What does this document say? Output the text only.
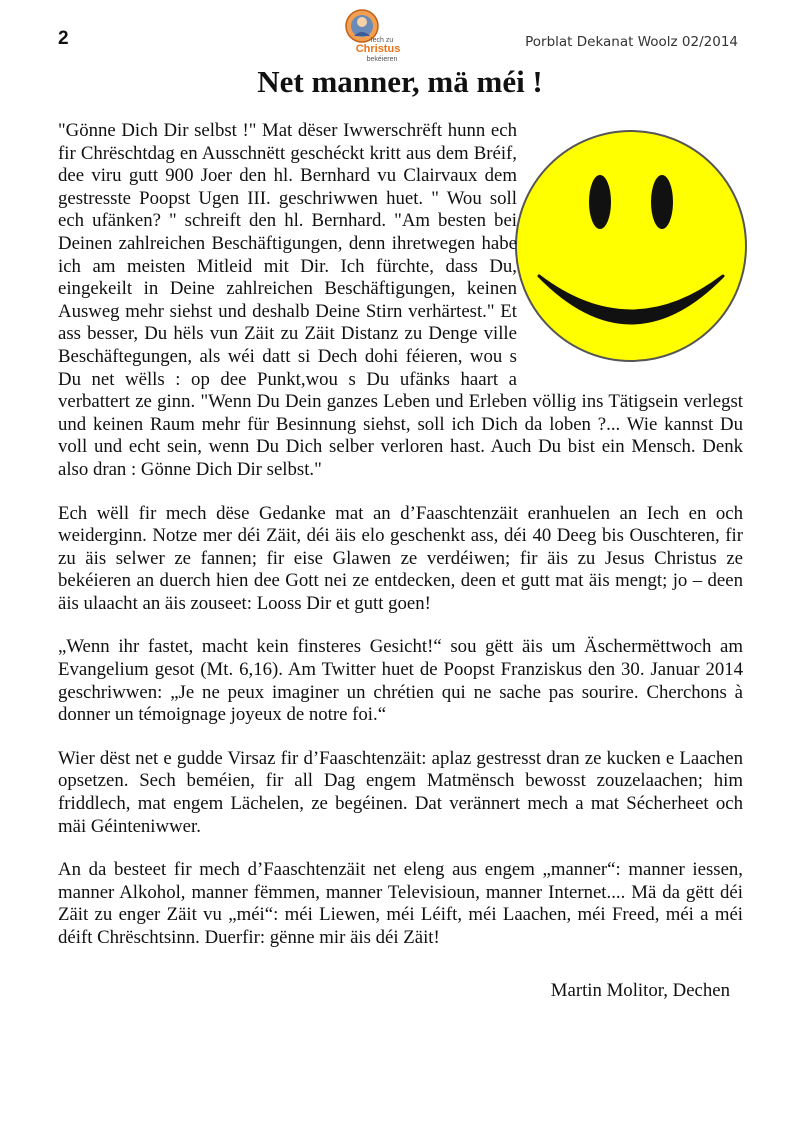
2	Iech zu
Christus
bekéieren
Porblat Dekanat Woolz 02/2014
Net manner, mä méi !

"Gönne Dich Dir selbst !" Mat dëser Iwwerschrëft hunn ech fir Chrëschtdag en Ausschnëtt geschéckt kritt aus dem Bréif, dee viru gutt 900 Joer den hl. Bernhard vu Clairvaux dem gestresste Poopst Ugen III. geschriwwen huet. " Wou soll ech ufänken? " schreift den hl. Bernhard. "Am besten bei Deinen zahlreichen Beschäftigungen, denn ihretwegen habe ich am meisten Mitleid mit Dir. Ich fürchte, dass Du, eingekeilt in Deine zahlreichen Beschäftigungen, keinen Ausweg mehr siehst und deshalb Deine Stirn verhärtest." Et ass besser, Du hëls vun Zäit zu Zäit Distanz zu Denge ville Beschäftegungen, als wéi datt si Dech dohi féieren, wou s Du net wëlls : op dee Punkt,wou s Du ufänks haart a verbattert ze ginn. "Wenn Du Dein ganzes Leben und Erleben völlig ins Tätigsein verlegst und keinen Raum mehr für Besinnung siehst, soll ich Dich da loben ?... Wie kannst Du voll und echt sein, wenn Du Dich selber verloren hast. Auch Du bist ein Mensch. Denk also dran : Gönne Dich Dir selbst."

Ech wëll fir mech dëse Gedanke mat an d’Faaschtenzäit eranhuelen an Iech en och weiderginn. Notze mer déi Zäit, déi äis elo geschenkt ass, déi 40 Deeg bis Ouschteren, fir zu äis selwer ze fannen; fir eise Glawen ze verdéiwen; fir äis zu Jesus Christus ze bekéieren an duerch hien dee Gott nei ze entdecken, deen et gutt mat äis mengt; jo – deen äis ulaacht an äis zouseet: Looss Dir et gutt goen!

„Wenn ihr fastet, macht kein finsteres Gesicht!“ sou gëtt äis um Äschermëttwoch am Evangelium gesot (Mt. 6,16). Am Twitter huet de Poopst Franziskus den 30. Januar 2014 geschriwwen: „Je ne peux imaginer un chrétien qui ne sache pas sourire. Cherchons à donner un témoignage joyeux de notre foi.“

Wier dëst net e gudde Virsaz fir d’Faaschtenzäit: aplaz gestresst dran ze kucken e Laachen opsetzen. Sech beméien, fir all Dag engem Matmënsch bewosst zouzelaachen; him friddlech, mat engem Lächelen, ze begéinen. Dat verännert mech a mat Sécherheet och mäi Géinteniwwer.

An da besteet fir mech d’Faaschtenzäit net eleng aus engem „manner“: manner iessen, manner Alkohol, manner fëmmen, manner Televisioun, manner Internet.... Mä da gëtt déi Zäit zu enger Zäit vu „méi“: méi Liewen, méi Léift, méi Laachen, méi Freed, méi a méi déift Chrëschtsinn. Duerfir: gënne mir äis déi Zäit!

Martin Molitor, Dechen
